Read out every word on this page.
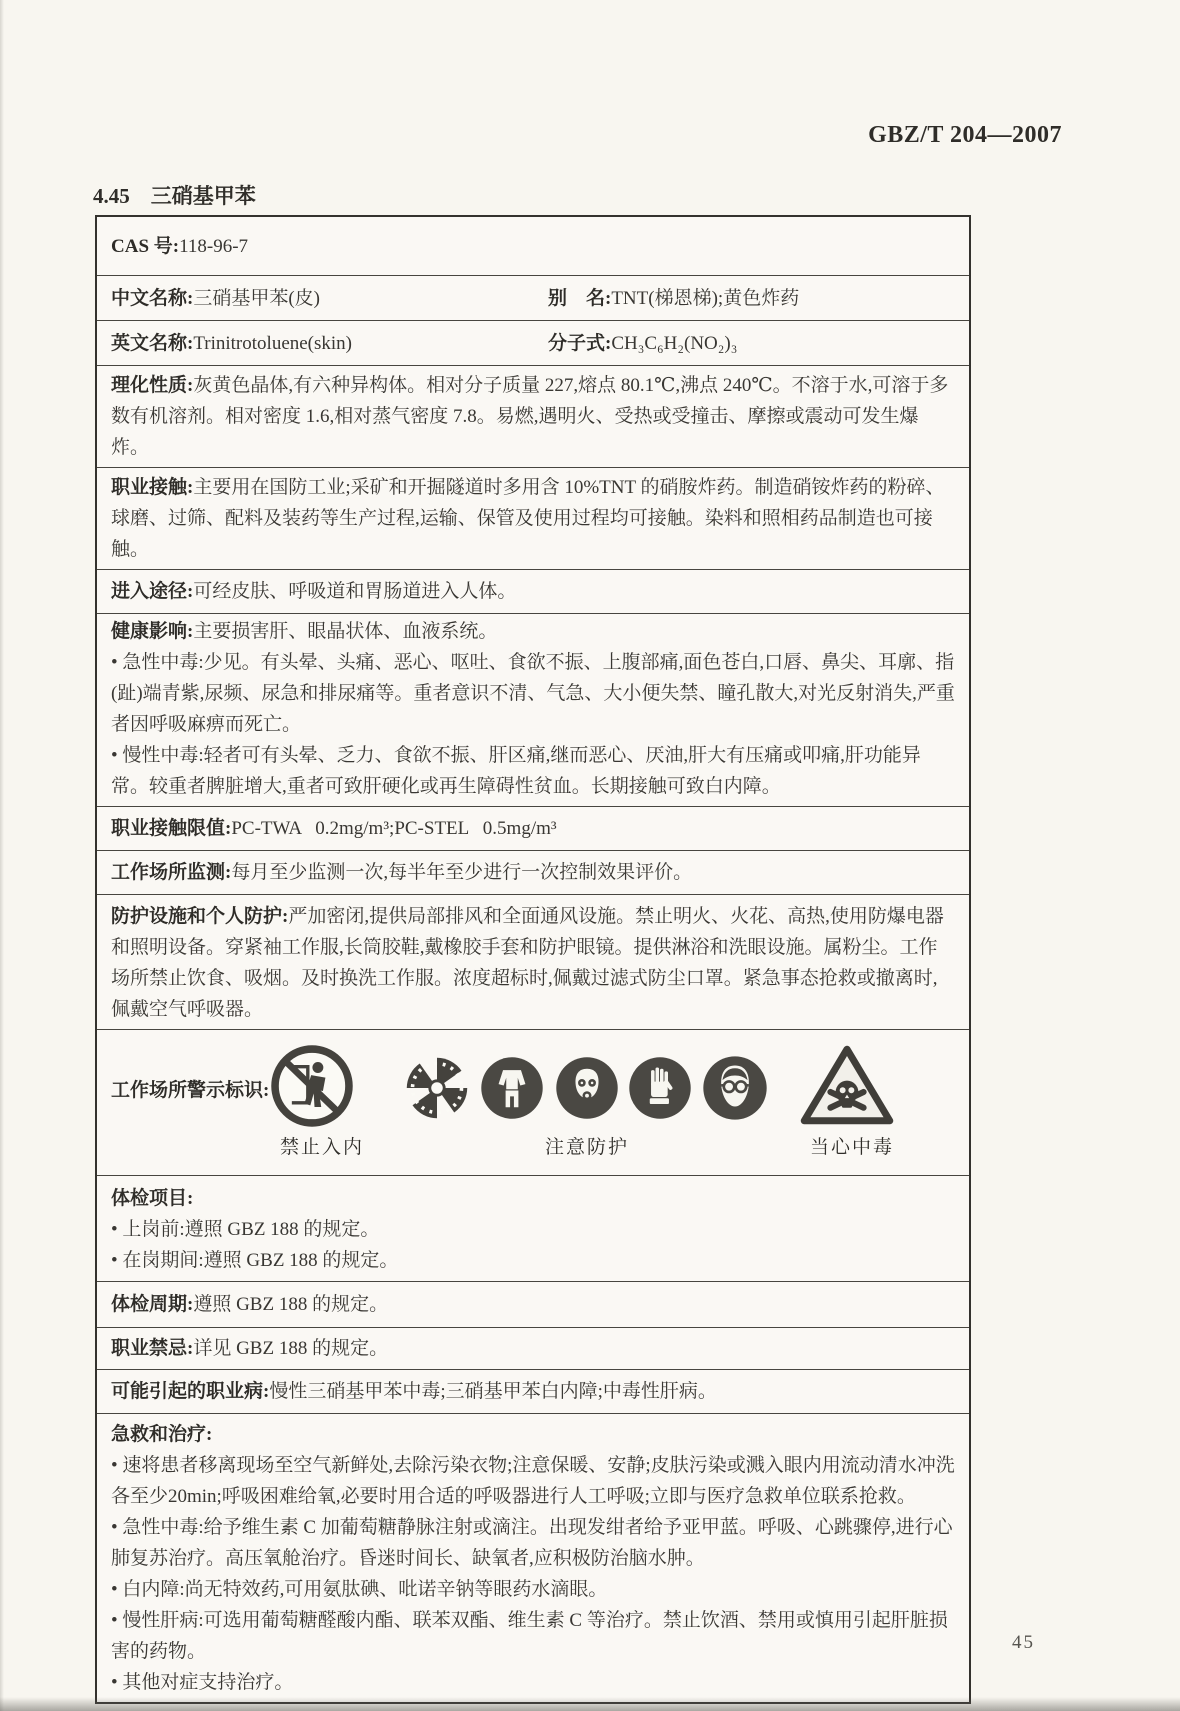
GBZ/T 204—2007
4.45　三硝基甲苯
CAS 号:118-96-7
中文名称:三硝基甲苯(皮)	别　名:TNT(梯恩梯);黄色炸药
英文名称:Trinitrotoluene(skin)	分子式:CH₃C₆H₂(NO₂)₃
理化性质:灰黄色晶体,有六种异构体。相对分子质量 227,熔点 80.1℃,沸点 240℃。不溶于水,可溶于多数有机溶剂。相对密度 1.6,相对蒸气密度 7.8。易燃,遇明火、受热或受撞击、摩擦或震动可发生爆炸。
职业接触:主要用在国防工业;采矿和开掘隧道时多用含 10%TNT 的硝胺炸药。制造硝铵炸药的粉碎、球磨、过筛、配料及装药等生产过程,运输、保管及使用过程均可接触。染料和照相药品制造也可接触。
进入途径:可经皮肤、呼吸道和胃肠道进入人体。
健康影响:主要损害肝、眼晶状体、血液系统。
• 急性中毒:少见。有头晕、头痛、恶心、呕吐、食欲不振、上腹部痛,面色苍白,口唇、鼻尖、耳廓、指(趾)端青紫,尿频、尿急和排尿痛等。重者意识不清、气急、大小便失禁、瞳孔散大,对光反射消失,严重者因呼吸麻痹而死亡。
• 慢性中毒:轻者可有头晕、乏力、食欲不振、肝区痛,继而恶心、厌油,肝大有压痛或叩痛,肝功能异常。较重者脾脏增大,重者可致肝硬化或再生障碍性贫血。长期接触可致白内障。
职业接触限值:PC-TWA   0.2mg/m³;PC-STEL   0.5mg/m³
工作场所监测:每月至少监测一次,每半年至少进行一次控制效果评价。
防护设施和个人防护:严加密闭,提供局部排风和全面通风设施。禁止明火、火花、高热,使用防爆电器和照明设备。穿紧袖工作服,长筒胶鞋,戴橡胶手套和防护眼镜。提供淋浴和洗眼设施。属粉尘。工作场所禁止饮食、吸烟。及时换洗工作服。浓度超标时,佩戴过滤式防尘口罩。紧急事态抢救或撤离时,佩戴空气呼吸器。
工作场所警示标识:
禁止入内	注意防护	当心中毒
体检项目:
• 上岗前:遵照 GBZ 188 的规定。
• 在岗期间:遵照 GBZ 188 的规定。
体检周期:遵照 GBZ 188 的规定。
职业禁忌:详见 GBZ 188 的规定。
可能引起的职业病:慢性三硝基甲苯中毒;三硝基甲苯白内障;中毒性肝病。
急救和治疗:
• 速将患者移离现场至空气新鲜处,去除污染衣物;注意保暖、安静;皮肤污染或溅入眼内用流动清水冲洗各至少20min;呼吸困难给氧,必要时用合适的呼吸器进行人工呼吸;立即与医疗急救单位联系抢救。
• 急性中毒:给予维生素 C 加葡萄糖静脉注射或滴注。出现发绀者给予亚甲蓝。呼吸、心跳骤停,进行心肺复苏治疗。高压氧舱治疗。昏迷时间长、缺氧者,应积极防治脑水肿。
• 白内障:尚无特效药,可用氨肽碘、吡诺辛钠等眼药水滴眼。
• 慢性肝病:可选用葡萄糖醛酸内酯、联苯双酯、维生素 C 等治疗。禁止饮酒、禁用或慎用引起肝脏损害的药物。
• 其他对症支持治疗。
45
